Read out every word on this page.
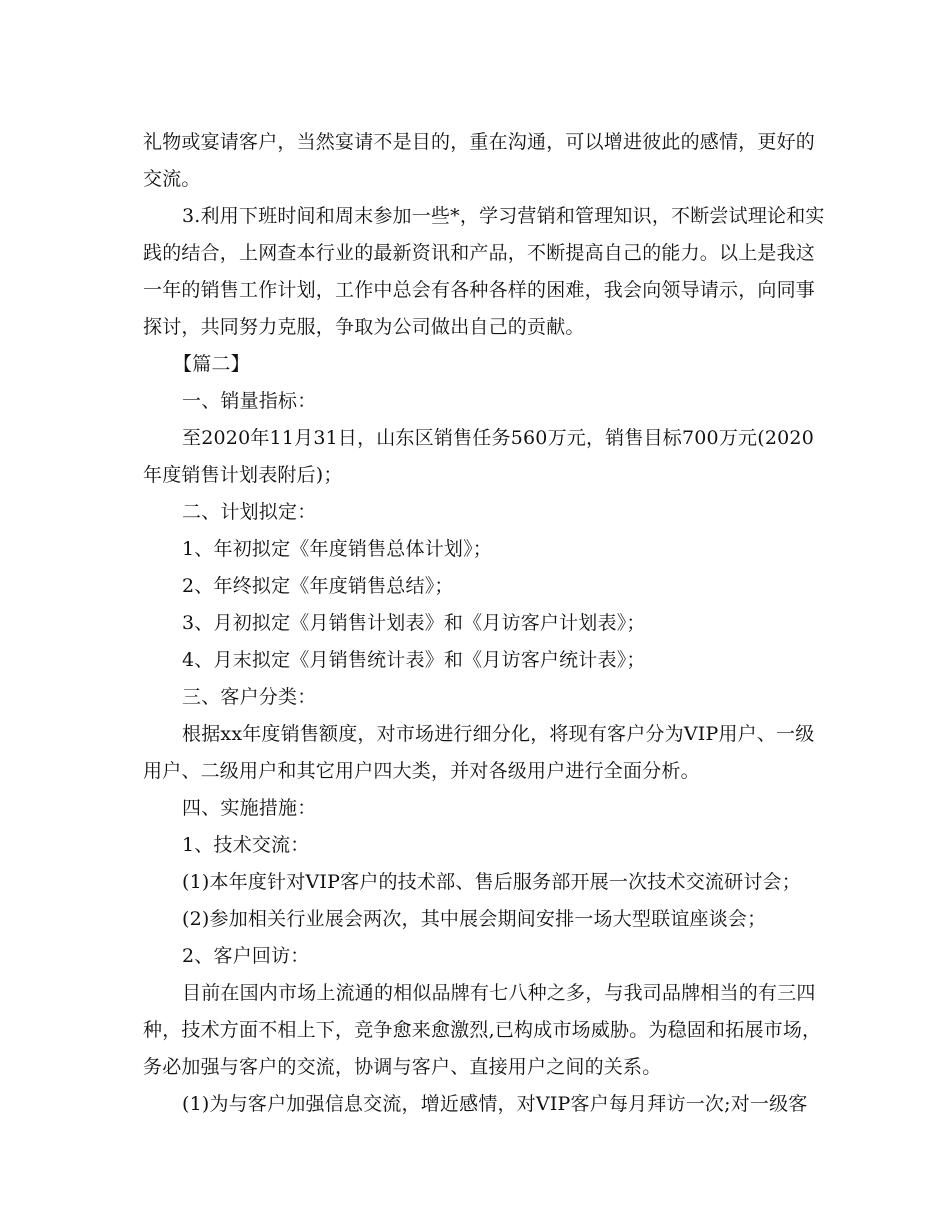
礼物或宴请客户，当然宴请不是目的，重在沟通，可以增进彼此的感情，更好的
交流。
3.利用下班时间和周末参加一些*，学习营销和管理知识，不断尝试理论和实
践的结合，上网查本行业的最新资讯和产品，不断提高自己的能力。以上是我这
一年的销售工作计划，工作中总会有各种各样的困难，我会向领导请示，向同事
探讨，共同努力克服，争取为公司做出自己的贡献。
【篇二】
一、销量指标：
至2020年11月31日，山东区销售任务560万元，销售目标700万元(2020
年度销售计划表附后)；
二、计划拟定：
1、年初拟定《年度销售总体计划》；
2、年终拟定《年度销售总结》；
3、月初拟定《月销售计划表》和《月访客户计划表》；
4、月末拟定《月销售统计表》和《月访客户统计表》；
三、客户分类：
根据xx年度销售额度，对市场进行细分化，将现有客户分为VIP用户、一级
用户、二级用户和其它用户四大类，并对各级用户进行全面分析。
四、实施措施：
1、技术交流：
(1)本年度针对VIP客户的技术部、售后服务部开展一次技术交流研讨会；
(2)参加相关行业展会两次，其中展会期间安排一场大型联谊座谈会；
2、客户回访：
目前在国内市场上流通的相似品牌有七八种之多，与我司品牌相当的有三四
种，技术方面不相上下，竞争愈来愈激烈,已构成市场威胁。为稳固和拓展市场，
务必加强与客户的交流，协调与客户、直接用户之间的关系。
(1)为与客户加强信息交流，增近感情，对VIP客户每月拜访一次;对一级客
